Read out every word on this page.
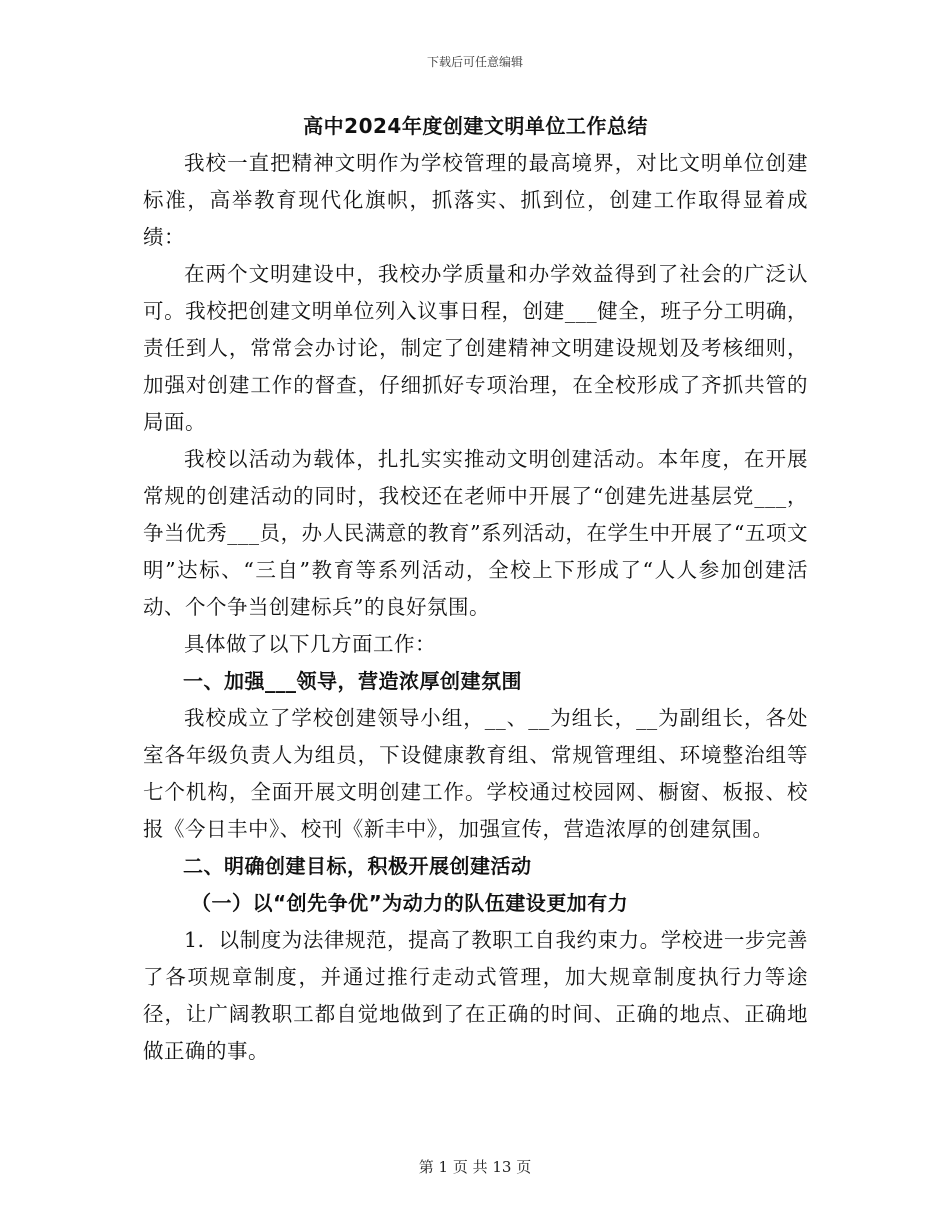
下载后可任意编辑
高中2024年度创建文明单位工作总结

我校一直把精神文明作为学校管理的最高境界，对比文明单位创建标准，高举教育现代化旗帜，抓落实、抓到位，创建工作取得显着成绩：

在两个文明建设中，我校办学质量和办学效益得到了社会的广泛认可。我校把创建文明单位列入议事日程，创建___健全，班子分工明确，责任到人，常常会办讨论，制定了创建精神文明建设规划及考核细则，加强对创建工作的督查，仔细抓好专项治理，在全校形成了齐抓共管的局面。

我校以活动为载体，扎扎实实推动文明创建活动。本年度，在开展常规的创建活动的同时，我校还在老师中开展了“创建先进基层党___，争当优秀___员，办人民满意的教育”系列活动，在学生中开展了“五项文明”达标、“三自”教育等系列活动，全校上下形成了“人人参加创建活动、个个争当创建标兵”的良好氛围。

具体做了以下几方面工作：

一、加强___领导，营造浓厚创建氛围

我校成立了学校创建领导小组，__、__为组长，__为副组长，各处室各年级负责人为组员，下设健康教育组、常规管理组、环境整治组等七个机构，全面开展文明创建工作。学校通过校园网、橱窗、板报、校报《今日丰中》、校刊《新丰中》，加强宣传，营造浓厚的创建氛围。

二、明确创建目标，积极开展创建活动
（一）以“创先争优”为动力的队伍建设更加有力

1．以制度为法律规范，提高了教职工自我约束力。学校进一步完善了各项规章制度，并通过推行走动式管理，加大规章制度执行力等途径，让广阔教职工都自觉地做到了在正确的时间、正确的地点、正确地做正确的事。

第 1 页 共 13 页
